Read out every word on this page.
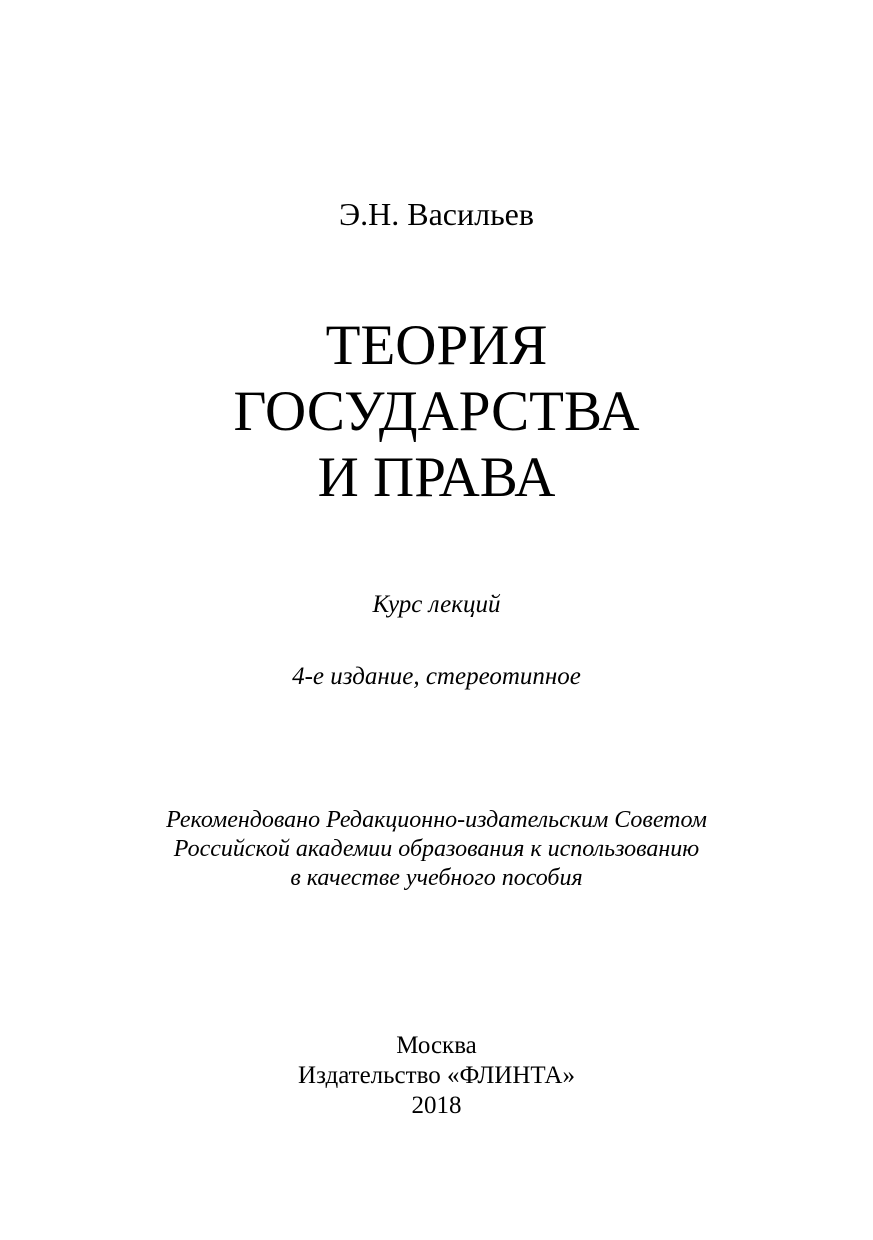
Э.Н. Васильев
ТЕОРИЯ
ГОСУДАРСТВА
И ПРАВА
Курс лекций
4-е издание, стереотипное
Рекомендовано Редакционно-издательским Советом
Российской академии образования к использованию
в качестве учебного пособия
Москва
Издательство «ФЛИНТА»
2018
